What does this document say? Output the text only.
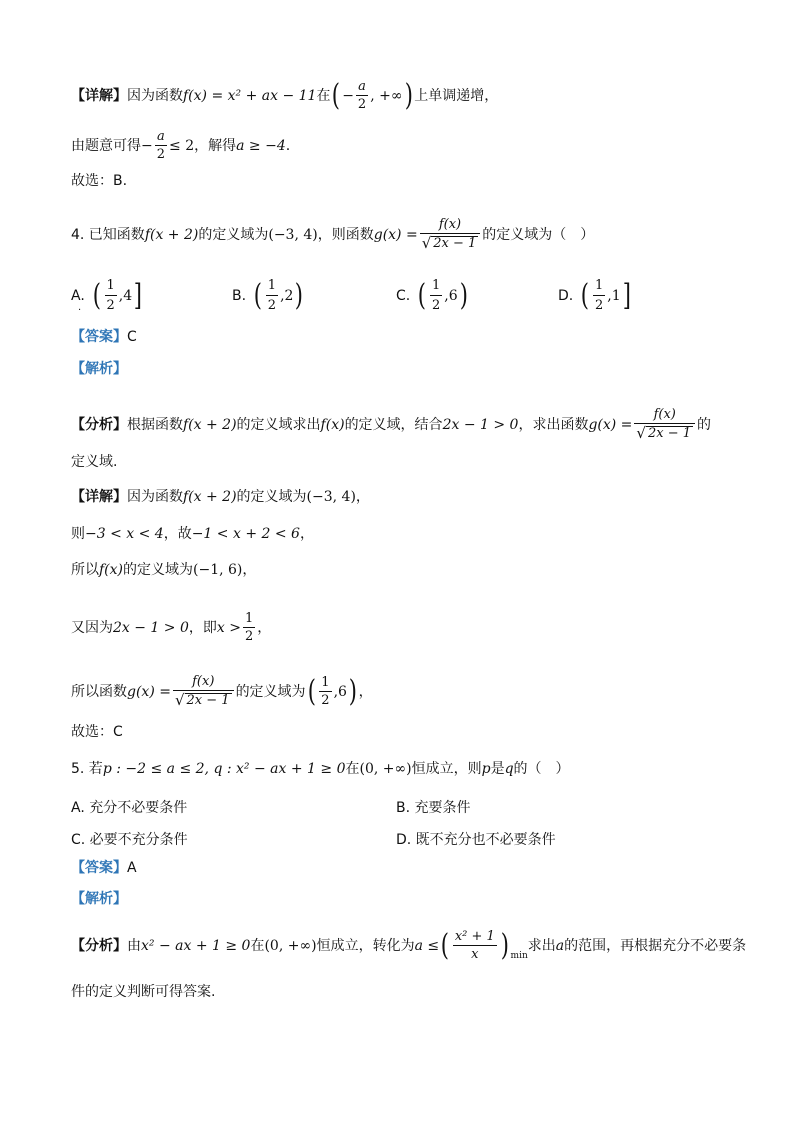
【详解】 因为函数 f(x) = x² + ax − 11 在 ( − $\frac{a}{2}$ , +∞ ) 上单调递增，
由题意可得 − $\frac{a}{2} \le 2$ ，解得 a ≥ −4 .
故选：B.
4. 已知函数 f(x + 2) 的定义域为 (−3, 4) ，则函数 $g(x) = \frac{f(x)}{√ 2x - 1}$ 的定义域为（　）
A. ( $\frac{1}{2}$ , 4 ]	B. ( $\frac{1}{2}$ , 2 )	C. ( $\frac{1}{2}$ , 6 )	D. ( $\frac{1}{2}$ , 1 ]
.
【答案】 C
【解析】
【分析】 根据函数 f(x + 2) 的定义域求出 f(x) 的定义域，结合 2x − 1 > 0 ，求出函数 $g(x) = \frac{f(x)}{√ 2x - 1}$ 的
定义域.
【详解】 因为函数 f(x + 2) 的定义域为 (−3, 4) ，
则 −3 < x < 4 ，故 −1 < x + 2 < 6 ，
所以 f(x) 的定义域为 (−1, 6) ，
又因为 2x − 1 > 0 ，即 $x > \frac{1}{2}$ ，
所以函数 $g(x) = \frac{f(x)}{√ 2x - 1}$ 的定义域为 ( $\frac{1}{2}$ , 6 ) ，
故选：C
5. 若 p : −2 ≤ a ≤ 2, q : x² − ax + 1 ≥ 0 在 (0, +∞) 恒成立，则 p 是 q 的（　）
A. 充分不必要条件	B. 充要条件
C. 必要不充分条件	D. 既不充分也不必要条件
【答案】 A
【解析】
【分析】 由 x² − ax + 1 ≥ 0 在 (0, +∞) 恒成立，转化为 a ≤ ( $\frac{\text{x² + 1}}{x} )_{min}$
求出 a 的范围，再根据充分不必要条
件的定义判断可得答案.
